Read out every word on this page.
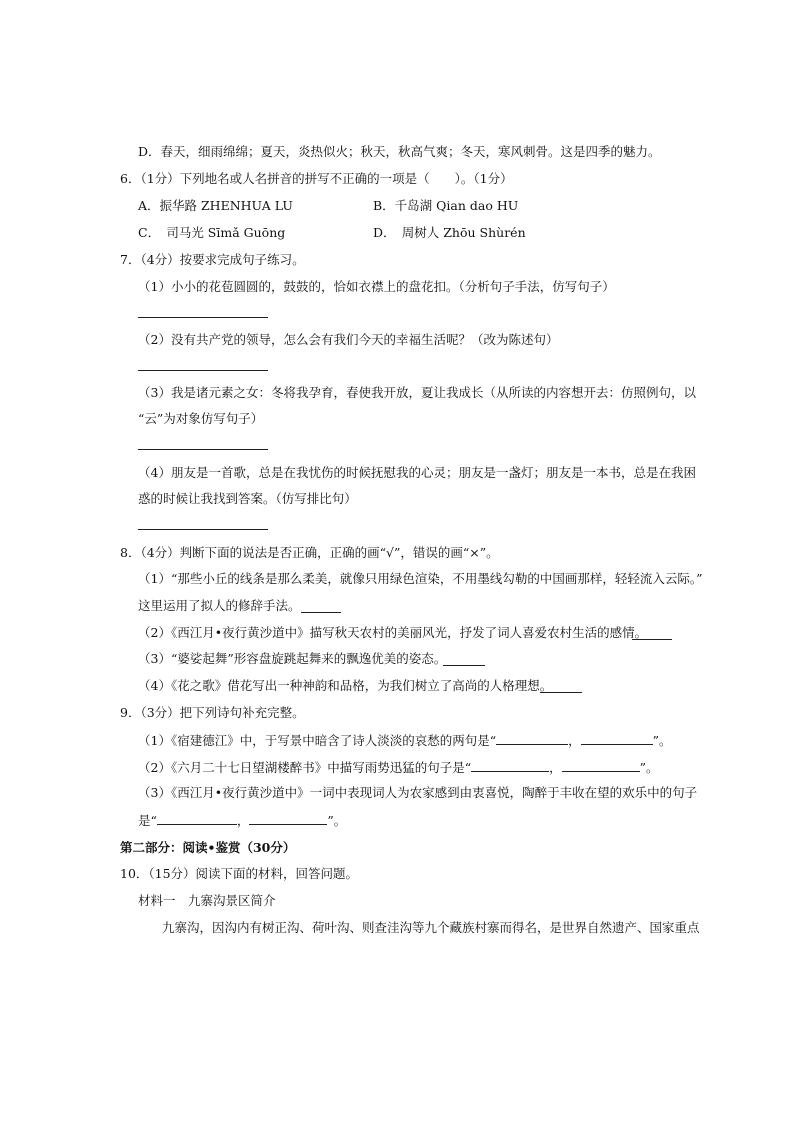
D．春天，细雨绵绵；夏天，炎热似火；秋天，秋高气爽；冬天，寒风刺骨。这是四季的魅力。
6．（1分）下列地名或人名拼音的拼写不正确的一项是（　　）。（1分）
A．振华路 ZHENHUA LU	B．千岛湖 Qian dao HU
C．　司马光 Sīmǎ Guōng	D．　周树人 Zhōu Shùrén
7．（4分）按要求完成句子练习。
（1）小小的花苞圆圆的，鼓鼓的，恰如衣襟上的盘花扣。（分析句子手法，仿写句子）
（2）没有共产党的领导，怎么会有我们今天的幸福生活呢？（改为陈述句）
（3）我是诸元素之女：冬将我孕育，春使我开放，夏让我成长（从所读的内容想开去：仿照例句，以
“云”为对象仿写句子）
（4）朋友是一首歌，总是在我忧伤的时候抚慰我的心灵；朋友是一盏灯；朋友是一本书，总是在我困
惑的时候让我找到答案。（仿写排比句）
8．（4分）判断下面的说法是否正确，正确的画“√”，错误的画“×”。
（1）“那些小丘的线条是那么柔美，就像只用绿色渲染，不用墨线勾勒的中国画那样，轻轻流入云际。”
这里运用了拟人的修辞手法。
（2）《西江月•夜行黄沙道中》描写秋天农村的美丽风光，抒发了词人喜爱农村生活的感情。
（3）“婆娑起舞”形容盘旋跳起舞来的飘逸优美的姿态。
（4）《花之歌》借花写出一种神韵和品格，为我们树立了高尚的人格理想。
9．（3分）把下列诗句补充完整。
（1）《宿建德江》中，于写景中暗含了诗人淡淡的哀愁的两句是“	，	”。
（2）《六月二十七日望湖楼醉书》中描写雨势迅猛的句子是“	，	”。
（3）《西江月•夜行黄沙道中》一词中表现词人为农家感到由衷喜悦，陶醉于丰收在望的欢乐中的句子
是“	，	”。
第二部分：阅读•鉴赏（30分）
10．（15分）阅读下面的材料，回答问题。
材料一　九寨沟景区简介
九寨沟，因沟内有树正沟、荷叶沟、则查洼沟等九个藏族村寨而得名，是世界自然遗产、国家重点
